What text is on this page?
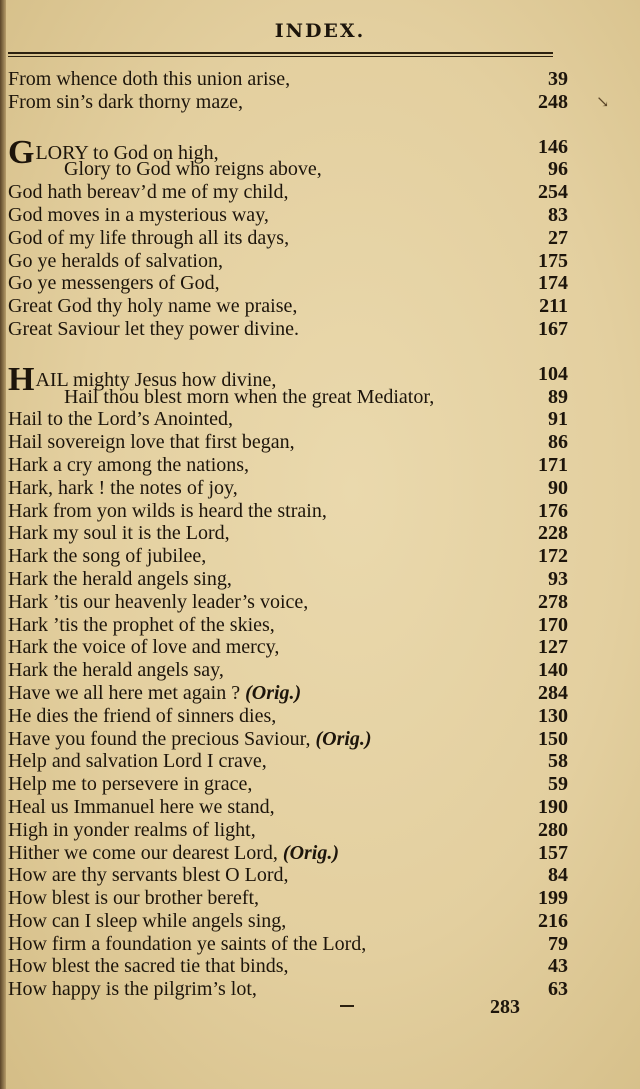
INDEX.
↘
From whence doth this union arise,	39
From sin’s dark thorny maze,	248
GLORY to God on high,	146
Glory to God who reigns above,	96
God hath bereav’d me of my child,	254
God moves in a mysterious way,	83
God of my life through all its days,	27
Go ye heralds of salvation,	175
Go ye messengers of God,	174
Great God thy holy name we praise,	211
Great Saviour let they power divine.	167
HAIL mighty Jesus how divine,	104
Hail thou blest morn when the great Mediator,	89
Hail to the Lord’s Anointed,	91
Hail sovereign love that first began,	86
Hark a cry among the nations,	171
Hark, hark ! the notes of joy,	90
Hark from yon wilds is heard the strain,	176
Hark my soul it is the Lord,	228
Hark the song of jubilee,	172
Hark the herald angels sing,	93
Hark ’tis our heavenly leader’s voice,	278
Hark ’tis the prophet of the skies,	170
Hark the voice of love and mercy,	127
Hark the herald angels say,	140
Have we all here met again ? (Orig.)	284
He dies the friend of sinners dies,	130
Have you found the precious Saviour, (Orig.)	150
Help and salvation Lord I crave,	58
Help me to persevere in grace,	59
Heal us Immanuel here we stand,	190
High in yonder realms of light,	280
Hither we come our dearest Lord, (Orig.)	157
How are thy servants blest O Lord,	84
How blest is our brother bereft,	199
How can I sleep while angels sing,	216
How firm a foundation ye saints of the Lord,	79
How blest the sacred tie that binds,	43
How happy is the pilgrim’s lot,	63
283
